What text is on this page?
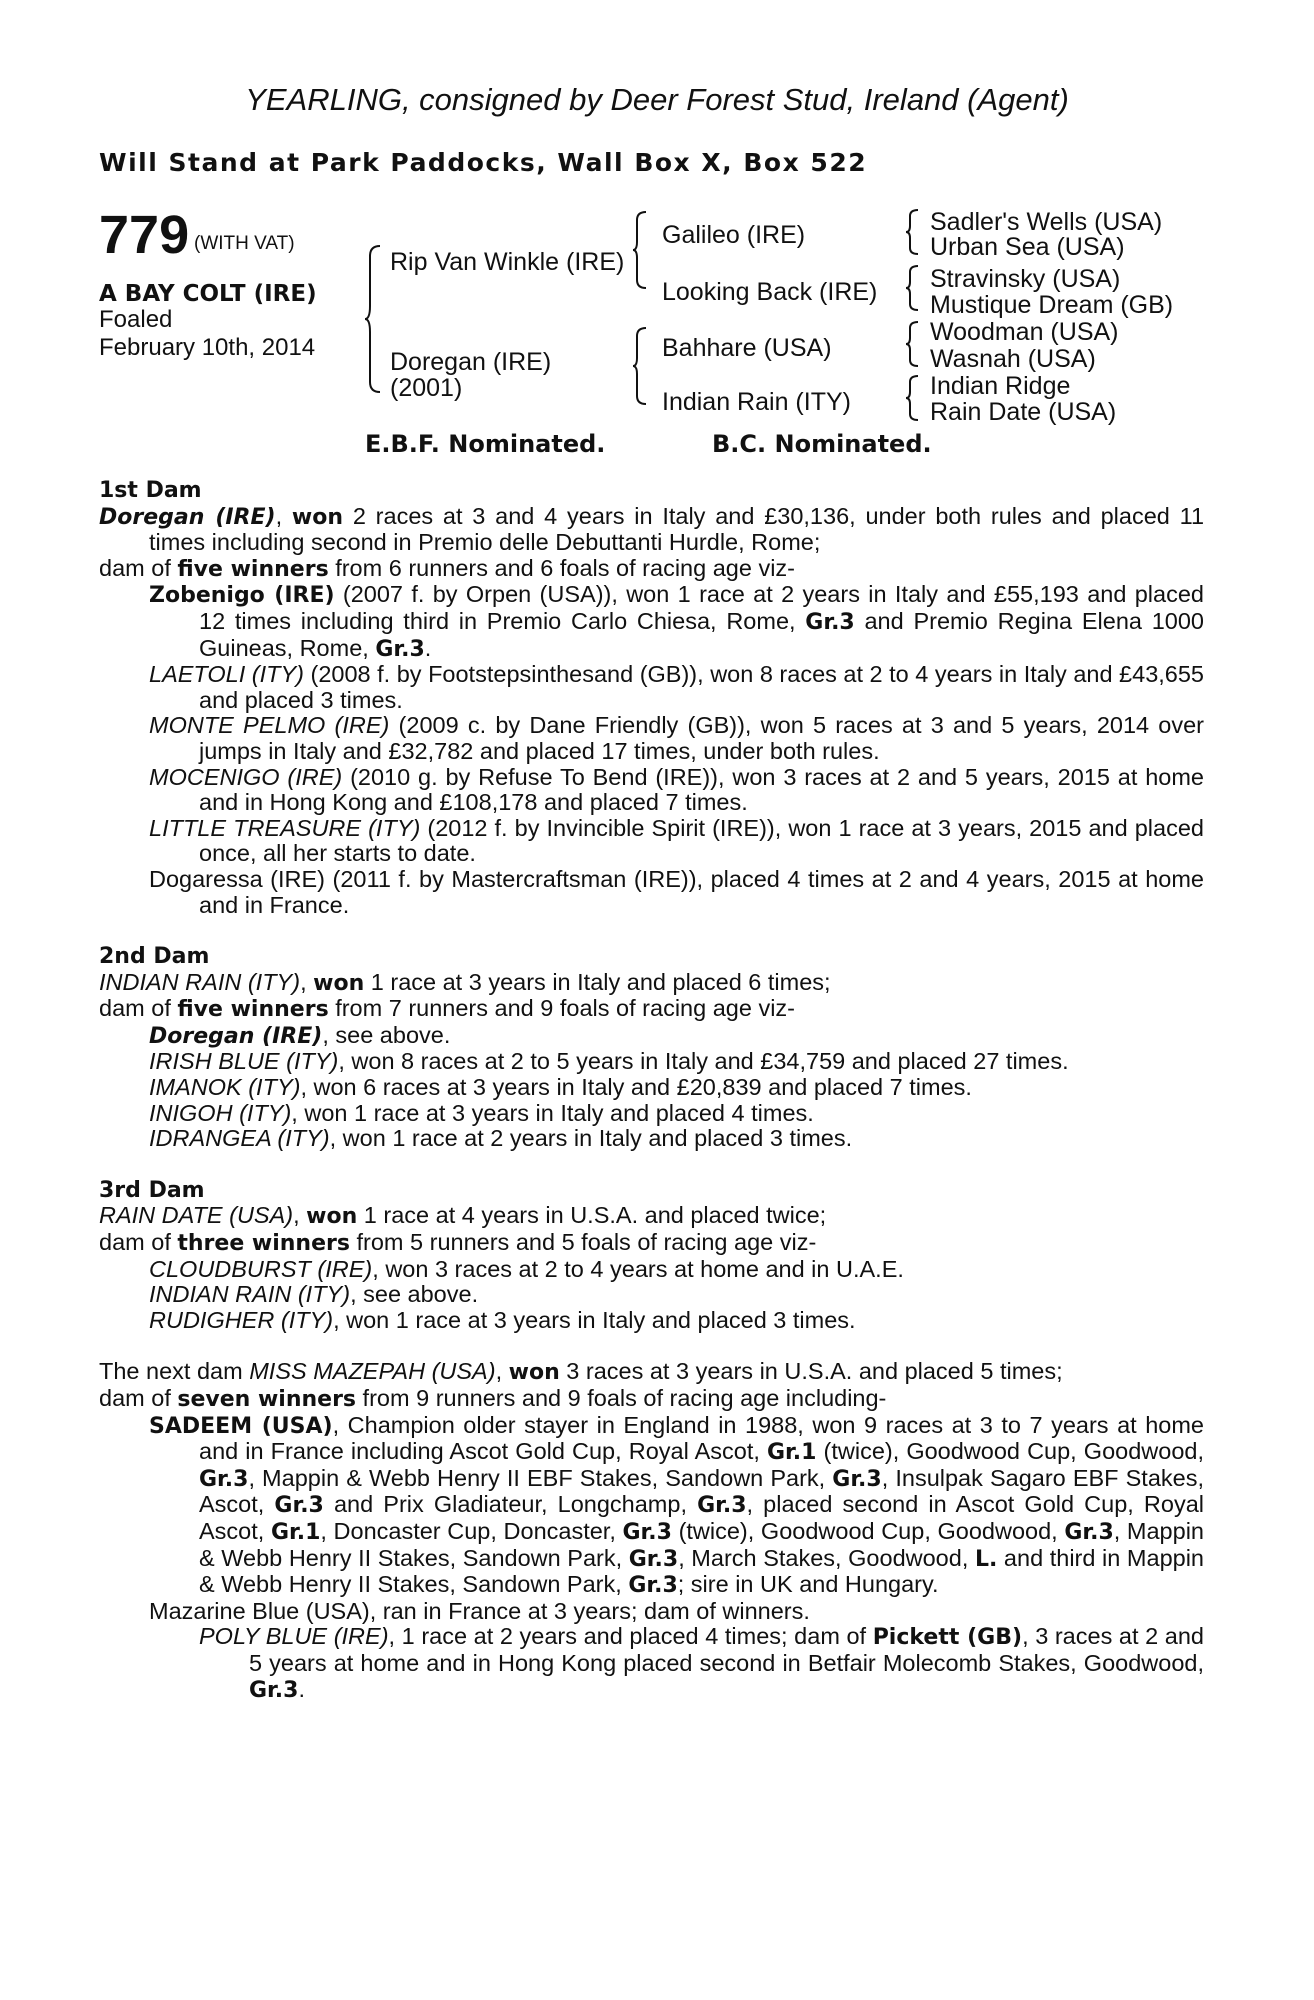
YEARLING, consigned by Deer Forest Stud, Ireland (Agent)
Will Stand at Park Paddocks, Wall Box X, Box 522
779 (WITH VAT)
A BAY COLT (IRE)
Foaled
February 10th, 2014
Rip Van Winkle (IRE)
Doregan (IRE)
(2001)
Galileo (IRE)
Looking Back (IRE)
Bahhare (USA)
Indian Rain (ITY)
Sadler's Wells (USA)
Urban Sea (USA)
Stravinsky (USA)
Mustique Dream (GB)
Woodman (USA)
Wasnah (USA)
Indian Ridge
Rain Date (USA)
E.B.F. Nominated.	B.C. Nominated.
1st Dam

Doregan (IRE), won 2 races at 3 and 4 years in Italy and £30,136, under both rules and placed 11 times including second in Premio delle Debuttanti Hurdle, Rome;

dam of five winners from 6 runners and 6 foals of racing age viz-

Zobenigo (IRE) (2007 f. by Orpen (USA)), won 1 race at 2 years in Italy and £55,193 and placed 12 times including third in Premio Carlo Chiesa, Rome, Gr.3 and Premio Regina Elena 1000 Guineas, Rome, Gr.3.

LAETOLI (ITY) (2008 f. by Footstepsinthesand (GB)), won 8 races at 2 to 4 years in Italy and £43,655 and placed 3 times.

MONTE PELMO (IRE) (2009 c. by Dane Friendly (GB)), won 5 races at 3 and 5 years, 2014 over jumps in Italy and £32,782 and placed 17 times, under both rules.

MOCENIGO (IRE) (2010 g. by Refuse To Bend (IRE)), won 3 races at 2 and 5 years, 2015 at home and in Hong Kong and £108,178 and placed 7 times.

LITTLE TREASURE (ITY) (2012 f. by Invincible Spirit (IRE)), won 1 race at 3 years, 2015 and placed once, all her starts to date.

Dogaressa (IRE) (2011 f. by Mastercraftsman (IRE)), placed 4 times at 2 and 4 years, 2015 at home and in France.

2nd Dam

INDIAN RAIN (ITY), won 1 race at 3 years in Italy and placed 6 times;

dam of five winners from 7 runners and 9 foals of racing age viz-

Doregan (IRE), see above.

IRISH BLUE (ITY), won 8 races at 2 to 5 years in Italy and £34,759 and placed 27 times.

IMANOK (ITY), won 6 races at 3 years in Italy and £20,839 and placed 7 times.

INIGOH (ITY), won 1 race at 3 years in Italy and placed 4 times.

IDRANGEA (ITY), won 1 race at 2 years in Italy and placed 3 times.

3rd Dam

RAIN DATE (USA), won 1 race at 4 years in U.S.A. and placed twice;

dam of three winners from 5 runners and 5 foals of racing age viz-

CLOUDBURST (IRE), won 3 races at 2 to 4 years at home and in U.A.E.

INDIAN RAIN (ITY), see above.

RUDIGHER (ITY), won 1 race at 3 years in Italy and placed 3 times.

The next dam MISS MAZEPAH (USA), won 3 races at 3 years in U.S.A. and placed 5 times;

dam of seven winners from 9 runners and 9 foals of racing age including-

SADEEM (USA), Champion older stayer in England in 1988, won 9 races at 3 to 7 years at home and in France including Ascot Gold Cup, Royal Ascot, Gr.1 (twice), Goodwood Cup, Goodwood, Gr.3, Mappin & Webb Henry II EBF Stakes, Sandown Park, Gr.3, Insulpak Sagaro EBF Stakes, Ascot, Gr.3 and Prix Gladiateur, Longchamp, Gr.3, placed second in Ascot Gold Cup, Royal Ascot, Gr.1, Doncaster Cup, Doncaster, Gr.3 (twice), Goodwood Cup, Goodwood, Gr.3, Mappin & Webb Henry II Stakes, Sandown Park, Gr.3, March Stakes, Goodwood, L. and third in Mappin & Webb Henry II Stakes, Sandown Park, Gr.3; sire in UK and Hungary.

Mazarine Blue (USA), ran in France at 3 years; dam of winners.

POLY BLUE (IRE), 1 race at 2 years and placed 4 times; dam of Pickett (GB), 3 races at 2 and 5 years at home and in Hong Kong placed second in Betfair Molecomb Stakes, Goodwood, Gr.3.
